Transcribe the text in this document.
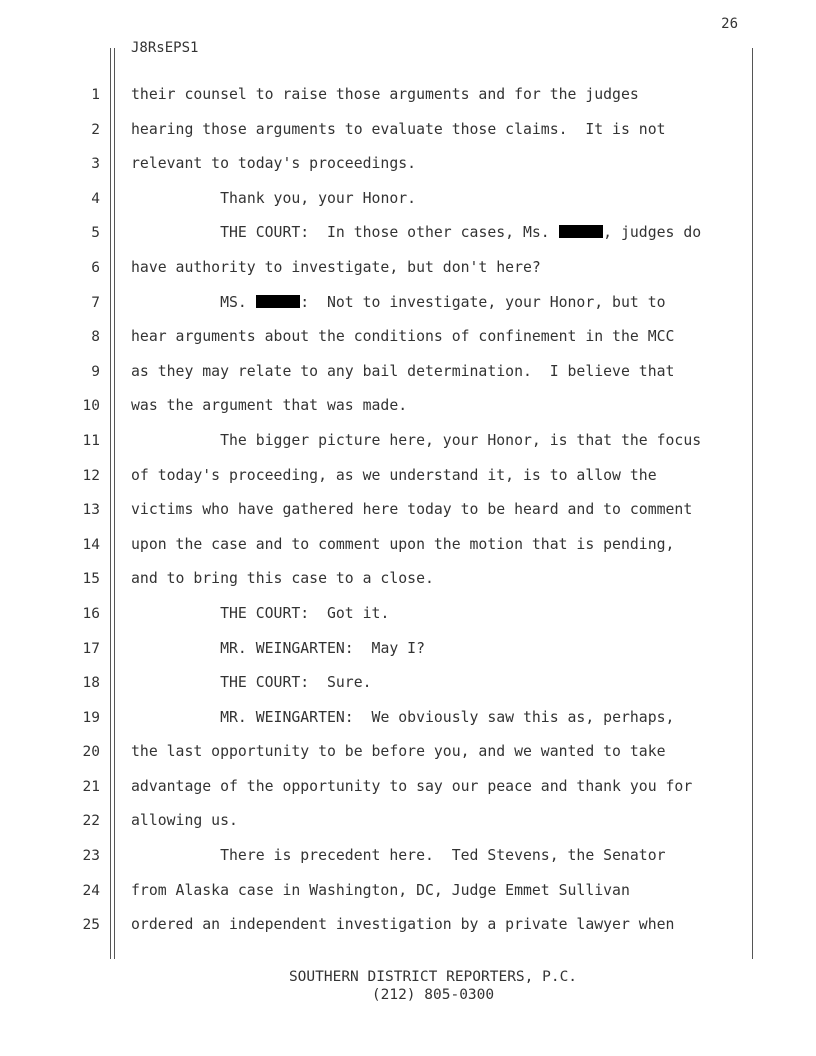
26
J8RsEPS1
1
2
3
4
5
6
7
8
9
10
11
12
13
14
15
16
17
18
19
20
21
22
23
24
25
their counsel to raise those arguments and for the judges
hearing those arguments to evaluate those claims.  It is not
relevant to today's proceedings.
Thank you, your Honor.
THE COURT:  In those other cases, Ms.	, judges do
have authority to investigate, but don't here?
MS.	:  Not to investigate, your Honor, but to
hear arguments about the conditions of confinement in the MCC
as they may relate to any bail determination.  I believe that
was the argument that was made.
The bigger picture here, your Honor, is that the focus
of today's proceeding, as we understand it, is to allow the
victims who have gathered here today to be heard and to comment
upon the case and to comment upon the motion that is pending,
and to bring this case to a close.
THE COURT:  Got it.
MR. WEINGARTEN:  May I?
THE COURT:  Sure.
MR. WEINGARTEN:  We obviously saw this as, perhaps,
the last opportunity to be before you, and we wanted to take
advantage of the opportunity to say our peace and thank you for
allowing us.
There is precedent here.  Ted Stevens, the Senator
from Alaska case in Washington, DC, Judge Emmet Sullivan
ordered an independent investigation by a private lawyer when
SOUTHERN DISTRICT REPORTERS, P.C.
(212) 805-0300
